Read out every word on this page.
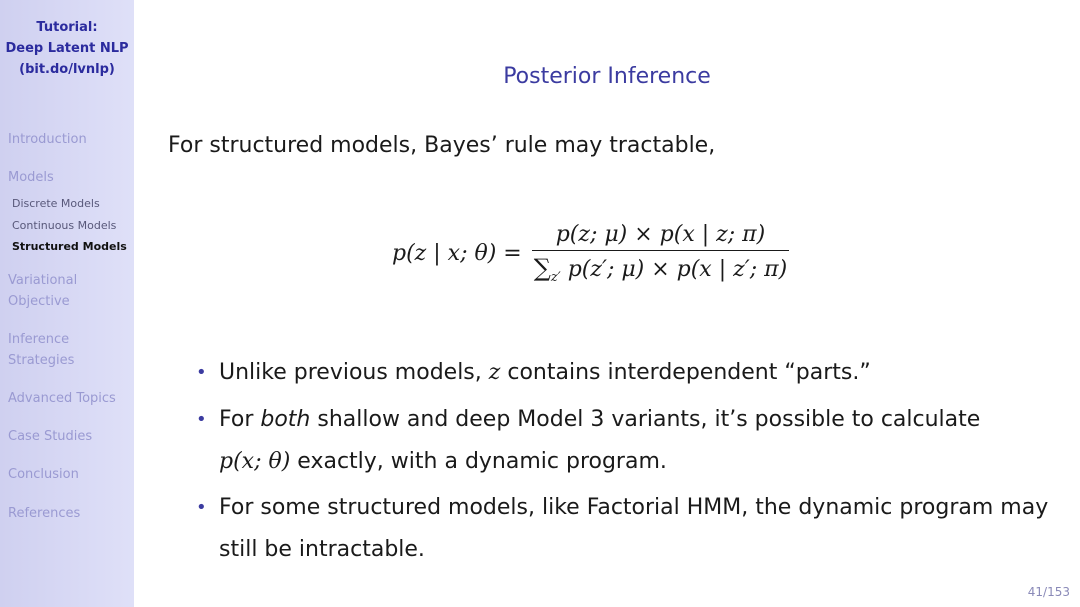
Tutorial:
Deep Latent NLP
(bit.do/lvnlp)
Introduction
Models
Discrete Models
Continuous Models
Structured Models
Variational
Objective
Inference
Strategies
Advanced Topics
Case Studies
Conclusion
References
Posterior Inference
For structured models, Bayes’ rule may tractable,
p(z | x; $\theta) = \frac{p(z; \mu) \times p(x | z; \pi)}{\sum_{z'} p(z'; \mu) \times p(x | z'; \pi)}$
• Unlike previous models, z contains interdependent “parts.”
• For both shallow and deep Model 3 variants, it’s possible to calculate
p(x; θ) exactly, with a dynamic program.
• For some structured models, like Factorial HMM, the dynamic program may
still be intractable.
41/153
